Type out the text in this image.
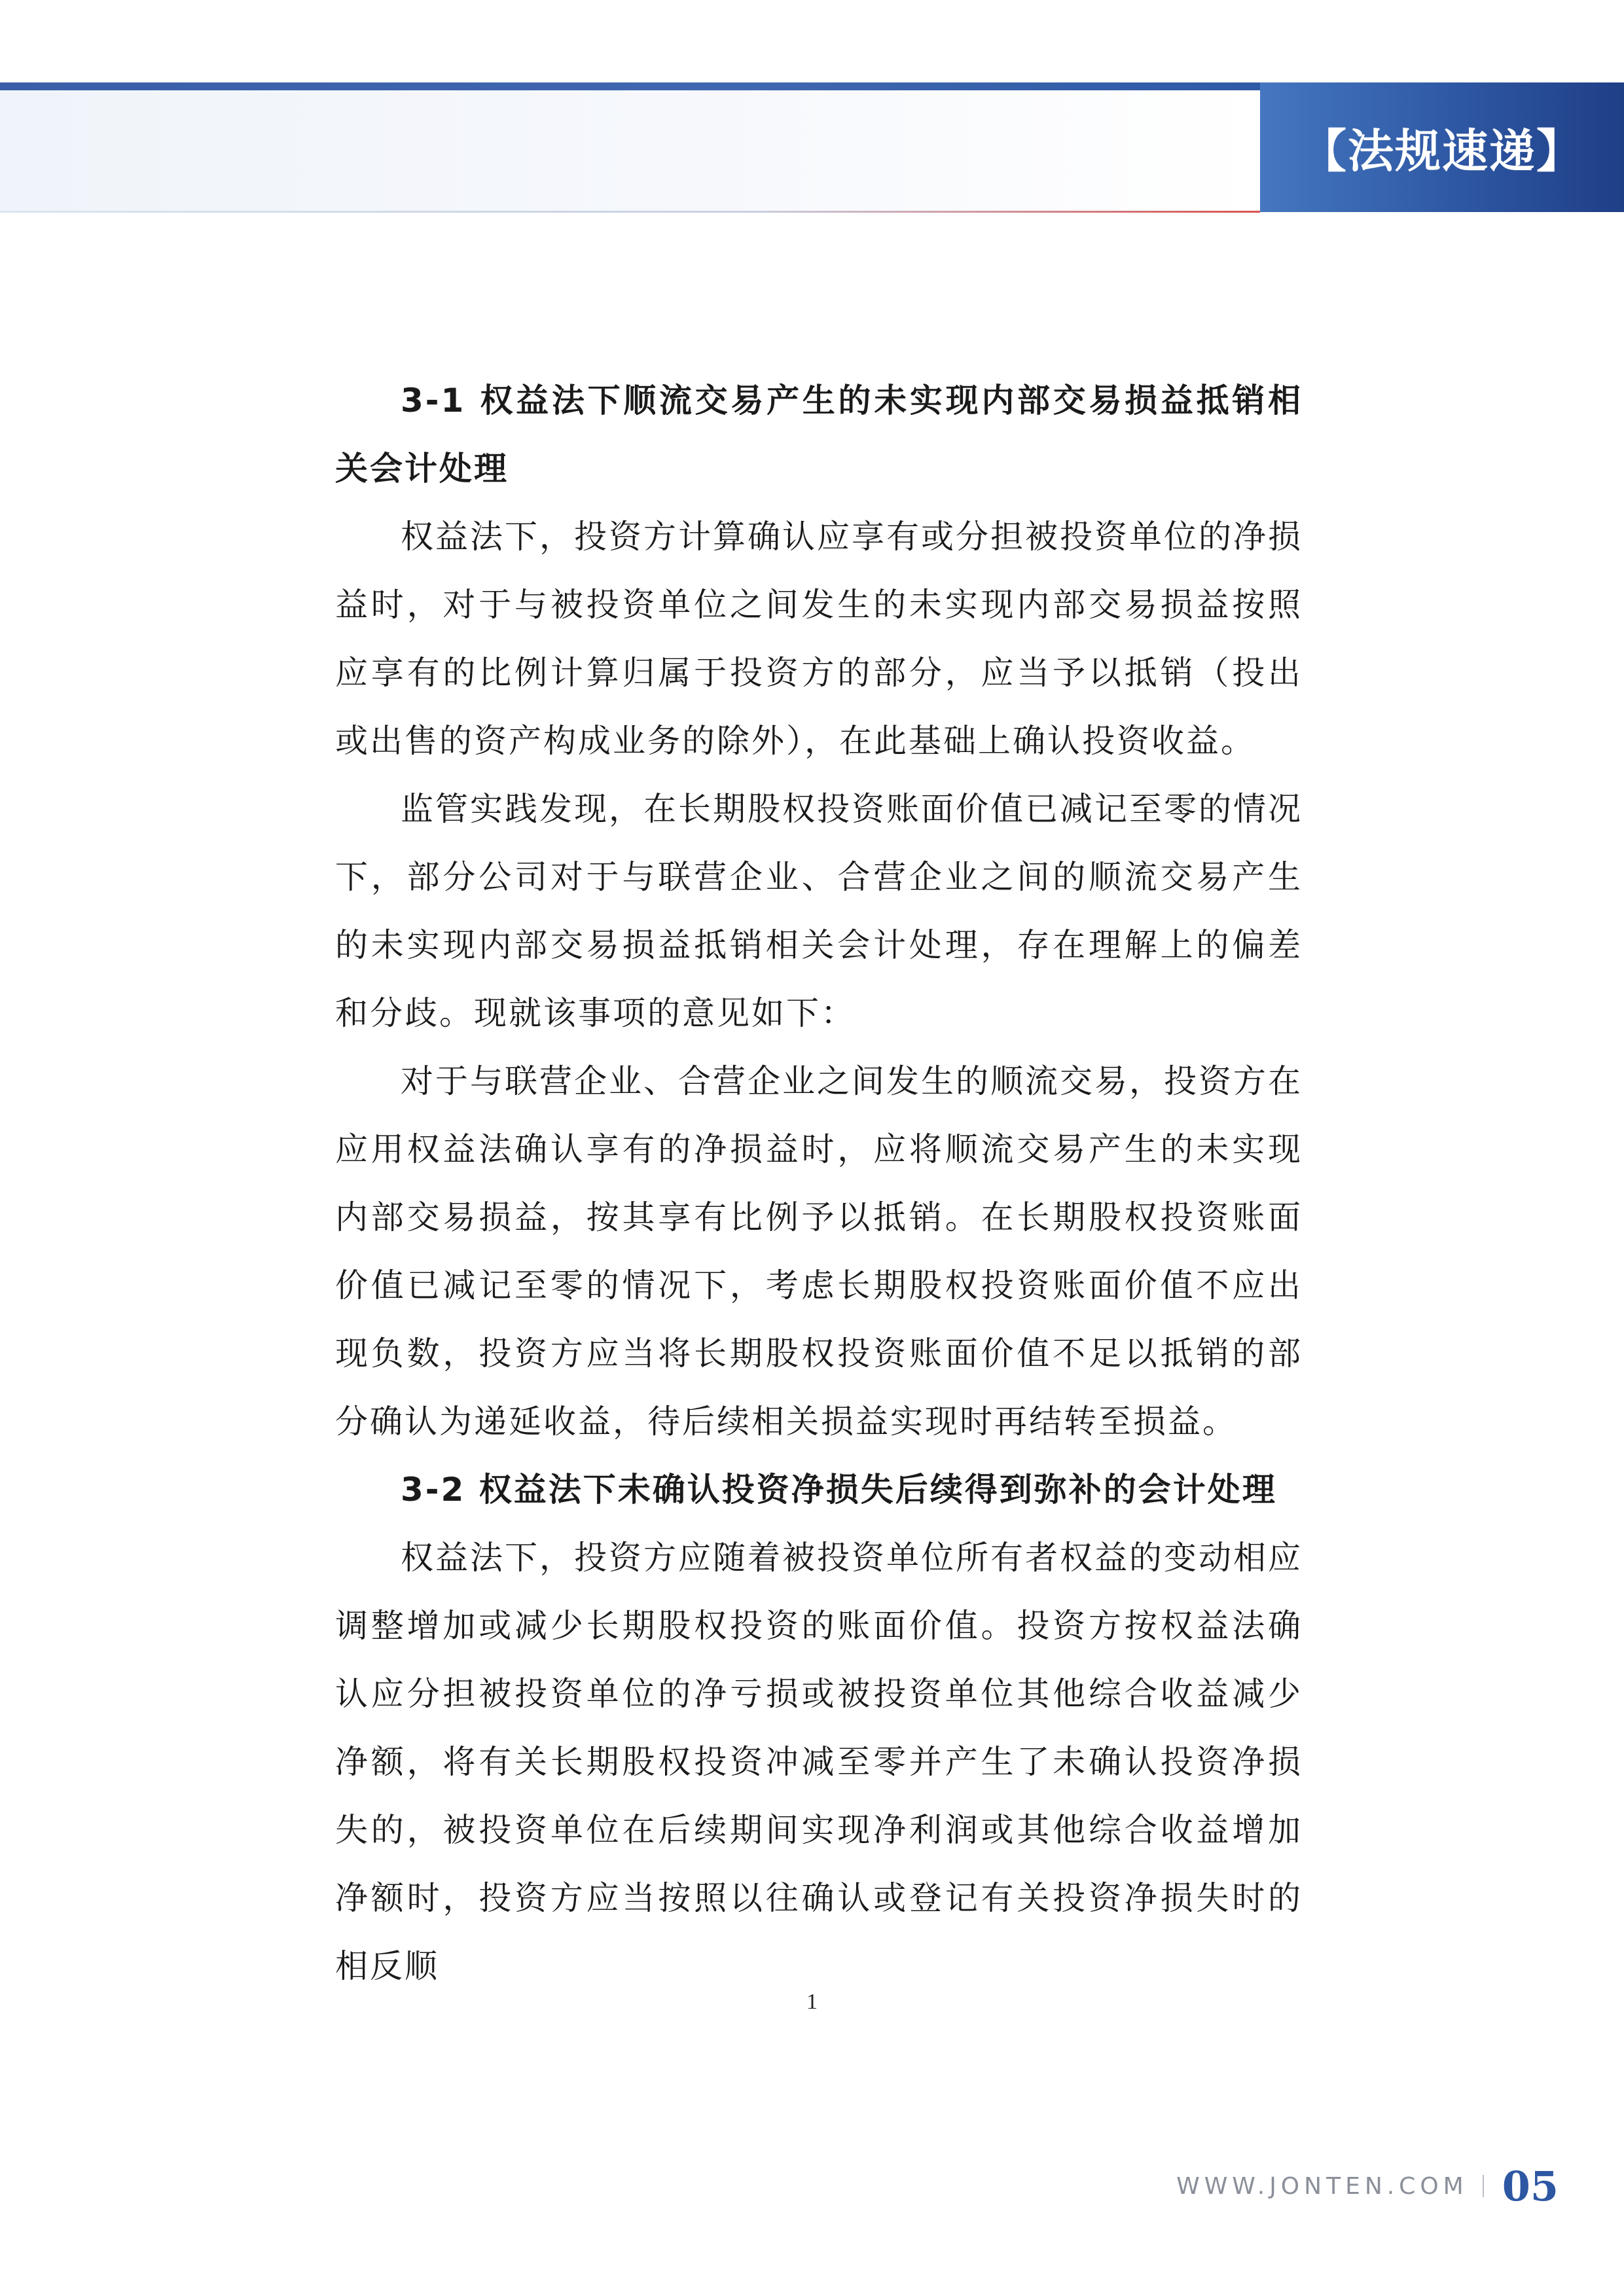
【法规速递】

3-1 权益法下顺流交易产生的未实现内部交易损益抵销相关会计处理

权益法下，投资方计算确认应享有或分担被投资单位的净损益时，对于与被投资单位之间发生的未实现内部交易损益按照应享有的比例计算归属于投资方的部分，应当予以抵销（投出或出售的资产构成业务的除外），在此基础上确认投资收益。

监管实践发现，在长期股权投资账面价值已减记至零的情况下，部分公司对于与联营企业、合营企业之间的顺流交易产生的未实现内部交易损益抵销相关会计处理，存在理解上的偏差和分歧。现就该事项的意见如下：

对于与联营企业、合营企业之间发生的顺流交易，投资方在应用权益法确认享有的净损益时，应将顺流交易产生的未实现内部交易损益，按其享有比例予以抵销。在长期股权投资账面价值已减记至零的情况下，考虑长期股权投资账面价值不应出现负数，投资方应当将长期股权投资账面价值不足以抵销的部分确认为递延收益，待后续相关损益实现时再结转至损益。

3-2 权益法下未确认投资净损失后续得到弥补的会计处理

权益法下，投资方应随着被投资单位所有者权益的变动相应调整增加或减少长期股权投资的账面价值。投资方按权益法确认应分担被投资单位的净亏损或被投资单位其他综合收益减少净额，将有关长期股权投资冲减至零并产生了未确认投资净损失的，被投资单位在后续期间实现净利润或其他综合收益增加净额时，投资方应当按照以往确认或登记有关投资净损失时的相反顺

1
WWW.JONTEN.COM 05
